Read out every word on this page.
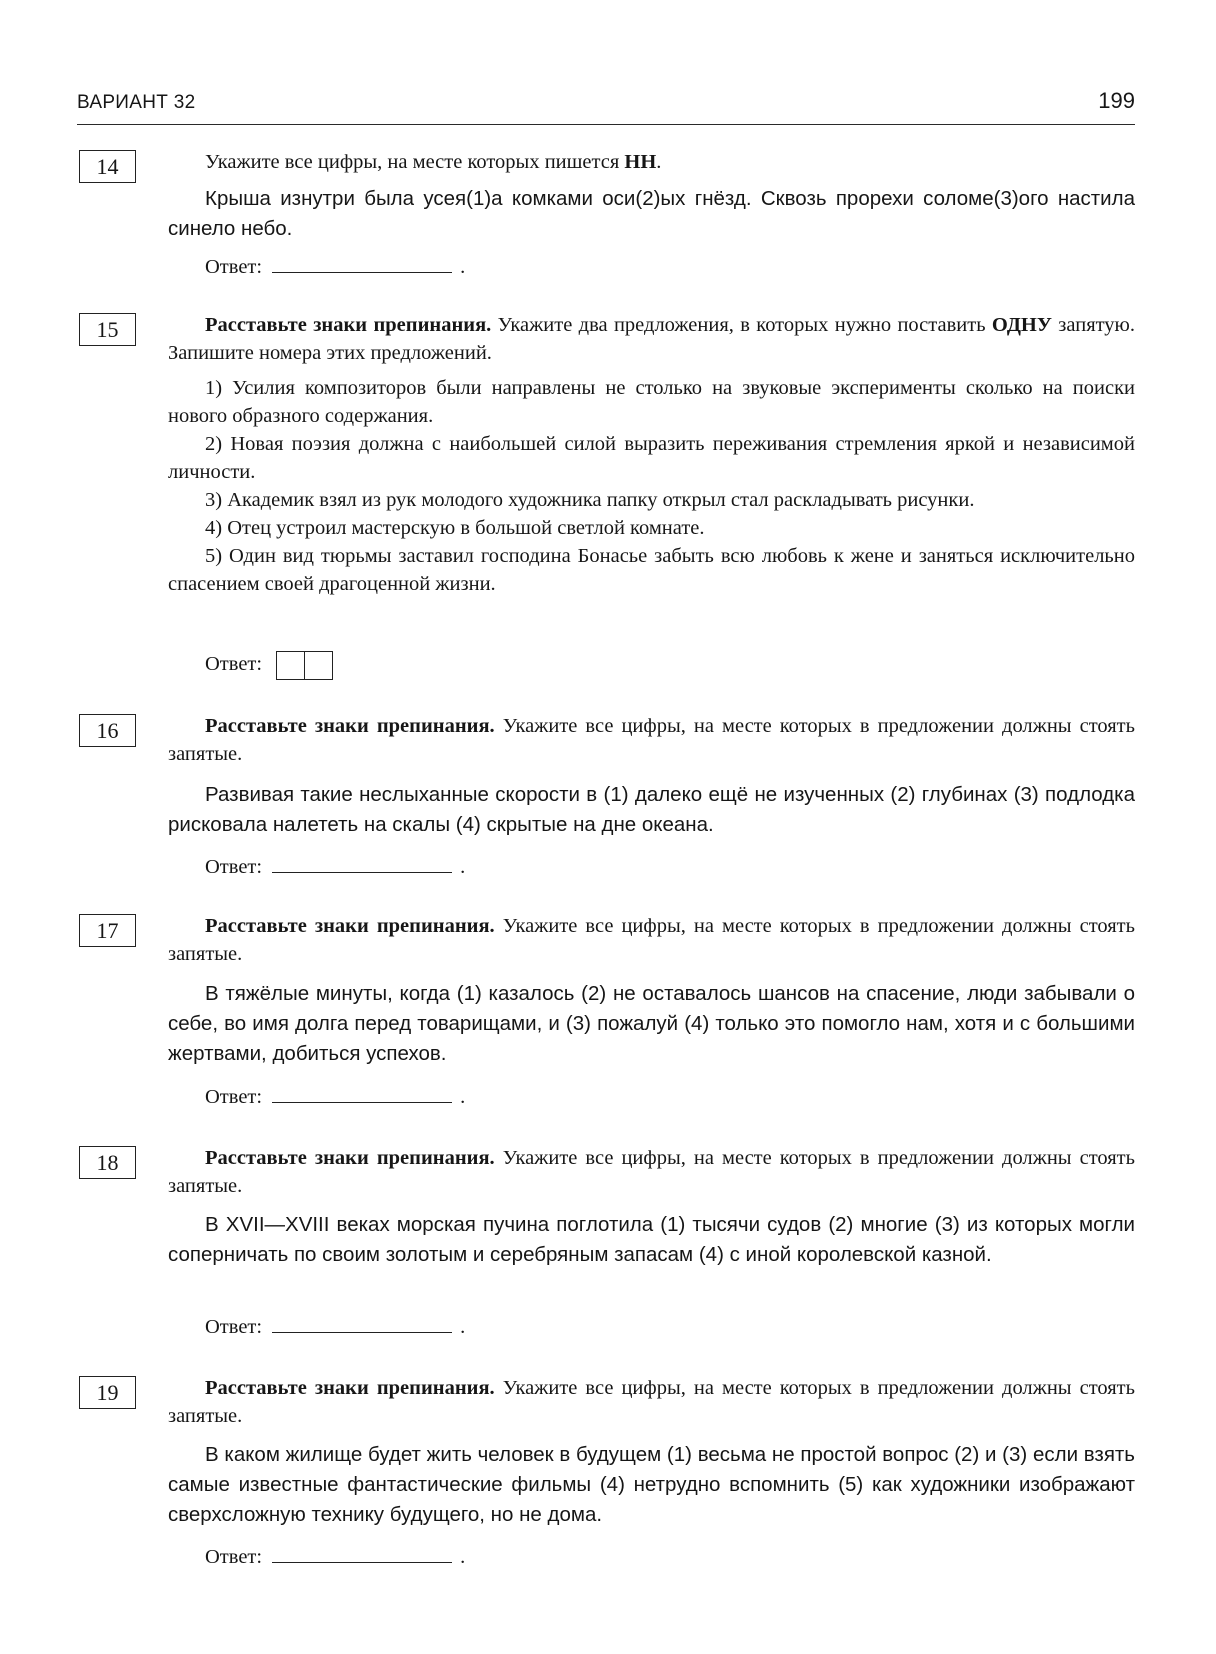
ВАРИАНТ 32	199
14	Укажите все цифры, на месте которых пишется НН.
Крыша изнутри была усея(1)а комками оси(2)ых гнёзд. Сквозь прорехи соломе(3)ого настила синело небо.
Ответ:	.
15	Расставьте знаки препинания. Укажите два предложения, в которых нужно поставить ОДНУ запятую. Запишите номера этих предложений.
1) Усилия композиторов были направлены не столько на звуковые эксперименты сколько на поиски нового образного содержания.
2) Новая поэзия должна с наибольшей силой выразить переживания стремления яркой и независимой личности.
3) Академик взял из рук молодого художника папку открыл стал раскладывать рисунки.
4) Отец устроил мастерскую в большой светлой комнате.
5) Один вид тюрьмы заставил господина Бонасье забыть всю любовь к жене и заняться исключительно спасением своей драгоценной жизни.
Ответ:
16	Расставьте знаки препинания. Укажите все цифры, на месте которых в предложении должны стоять запятые.
Развивая такие неслыханные скорости в (1) далеко ещё не изученных (2) глубинах (3) подлодка рисковала налететь на скалы (4) скрытые на дне океана.
Ответ:	.
17	Расставьте знаки препинания. Укажите все цифры, на месте которых в предложении должны стоять запятые.
В тяжёлые минуты, когда (1) казалось (2) не оставалось шансов на спасение, люди забывали о себе, во имя долга перед товарищами, и (3) пожалуй (4) только это помогло нам, хотя и с большими жертвами, добиться успехов.
Ответ:	.
18	Расставьте знаки препинания. Укажите все цифры, на месте которых в предложении должны стоять запятые.
В XVII—XVIII веках морская пучина поглотила (1) тысячи судов (2) многие (3) из которых могли соперничать по своим золотым и серебряным запасам (4) с иной королевской казной.
Ответ:	.
19	Расставьте знаки препинания. Укажите все цифры, на месте которых в предложении должны стоять запятые.
В каком жилище будет жить человек в будущем (1) весьма не простой вопрос (2) и (3) если взять самые известные фантастические фильмы (4) нетрудно вспомнить (5) как художники изображают сверхсложную технику будущего, но не дома.
Ответ:	.
